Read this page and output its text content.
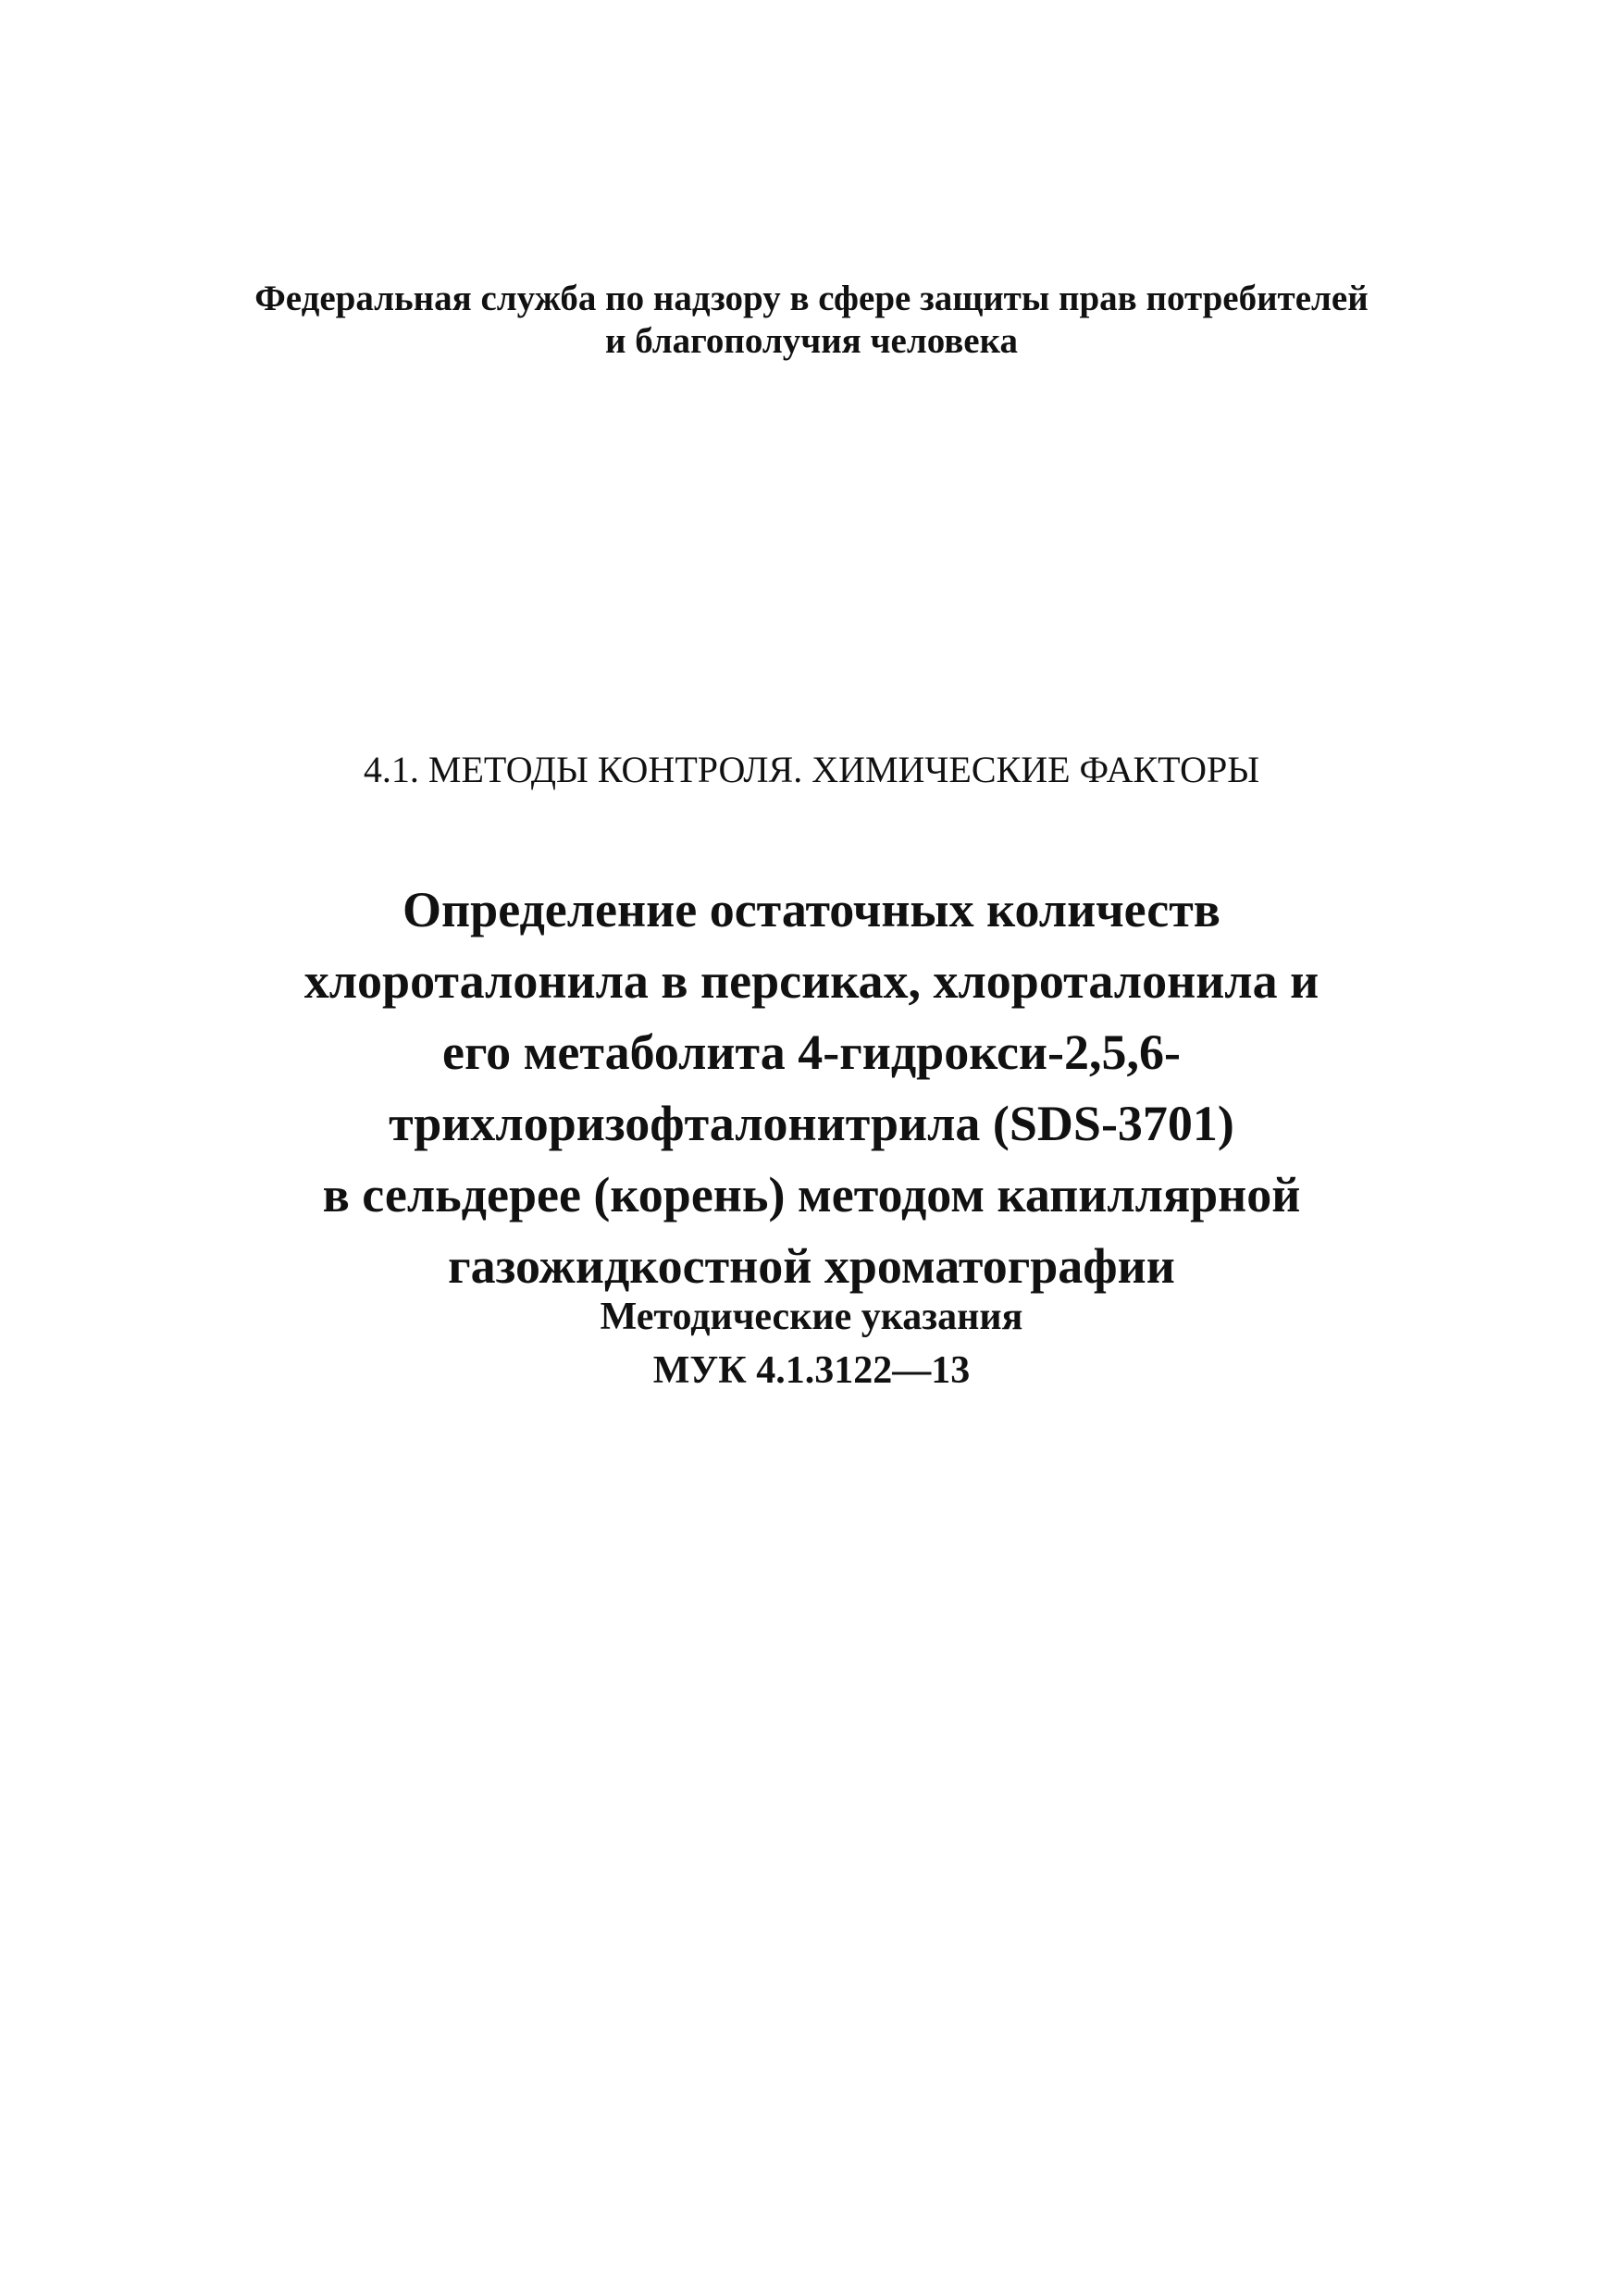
Федеральная служба по надзору в сфере защиты прав потребителей
и благополучия человека
4.1. МЕТОДЫ КОНТРОЛЯ. ХИМИЧЕСКИЕ ФАКТОРЫ
Определение остаточных количеств
хлороталонила в персиках, хлороталонила и
его метаболита 4-гидрокси-2,5,6-
трихлоризофталонитрила (SDS-3701)
в сельдерее (корень) методом капиллярной
газожидкостной хроматографии
Методические указания
МУК 4.1.3122—13
